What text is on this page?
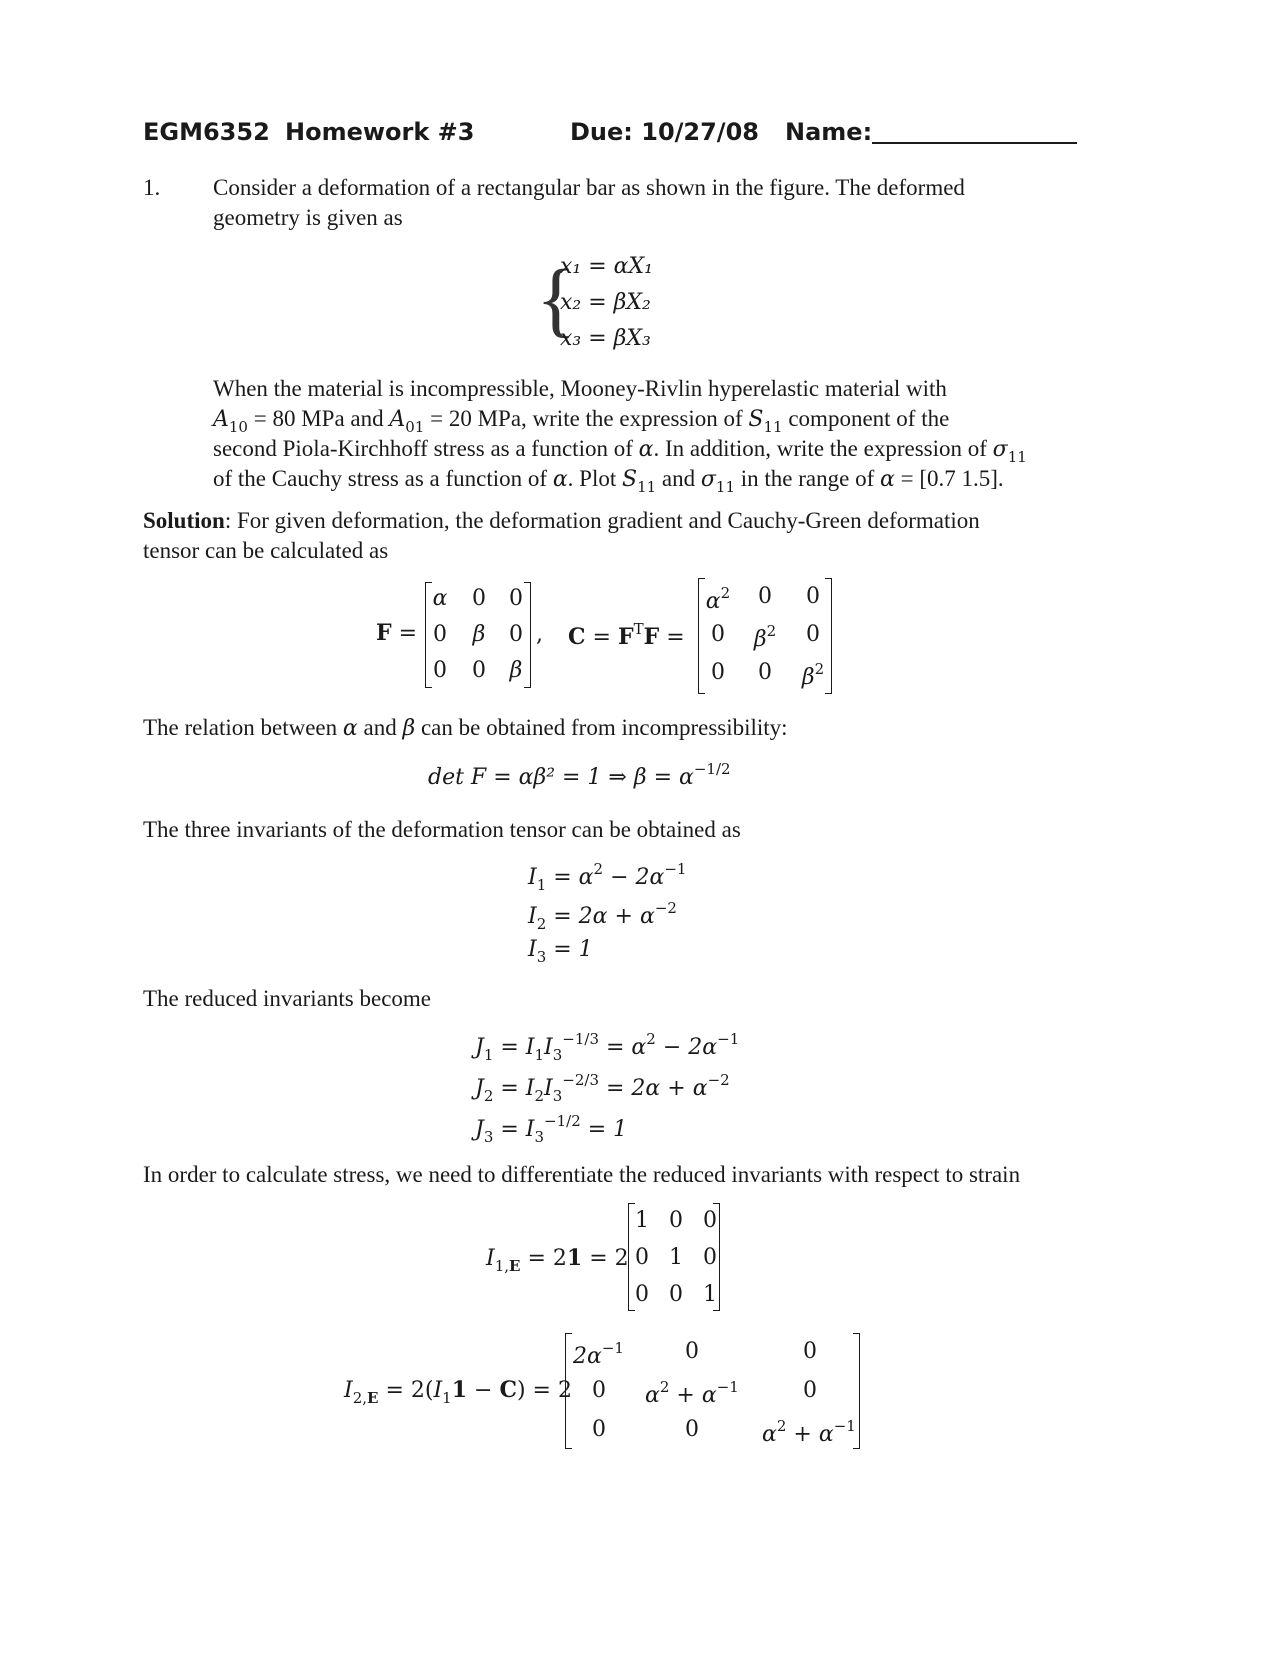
EGM6352 Homework #3	Due: 10/27/08 Name:
1. Consider a deformation of a rectangular bar as shown in the figure. The deformed
geometry is given as
{
x₁ = αX₁
x₂ = βX₂
x₃ = βX₃
When the material is incompressible, Mooney-Rivlin hyperelastic material with
$A_{10} = 80$ MPa and $A_{01} = 20$ MPa, write the expression of $S_{11}$ component of the
second Piola-Kirchhoff stress as a function of α. In addition, write the expression of $\sigma_{11}$
of the Cauchy stress as a function of α. Plot $S_{11}$ and $\sigma_{11}$ in the range of α = [0.7 1.5].
Solution: For given deformation, the deformation gradient and Cauchy-Green deformation
tensor can be calculated as
F =
α	0	0
0	β	0
0	0	β
, $C = F^TF$ =
$\alpha^2$	0	0
0	$\beta^2$	0
0	0	$\beta^2$
The relation between α and β can be obtained from incompressibility:
det F = αβ² = 1 ⇒ $\beta = \alpha^{-1/2}$
The three invariants of the deformation tensor can be obtained as
$I_1 = \alpha^2 - 2\alpha^{-1}$
$I_2 = 2\alpha + \alpha^{-2}$
$I_3 = 1$
The reduced invariants become
$J_1 = I_1I_3^{-1/3} = \alpha^2 - 2\alpha^{-1}$
$J_2 = I_2I_3^{-2/3} = 2\alpha + \alpha^{-2}$
$J_3 = I_3^{-1/2} = 1$
In order to calculate stress, we need to differentiate the reduced invariants with respect to strain
$I_{1,E} = 21 = 2$
1 0 0
0 1 0
0 0 1
$I_{2,E} = 2(I_11 - C) = 2$
$2\alpha^{-1}$	0	0
0	$\alpha^2 + \alpha^{-1}$	0
0	0	$\alpha^2 + \alpha^{-1}$
